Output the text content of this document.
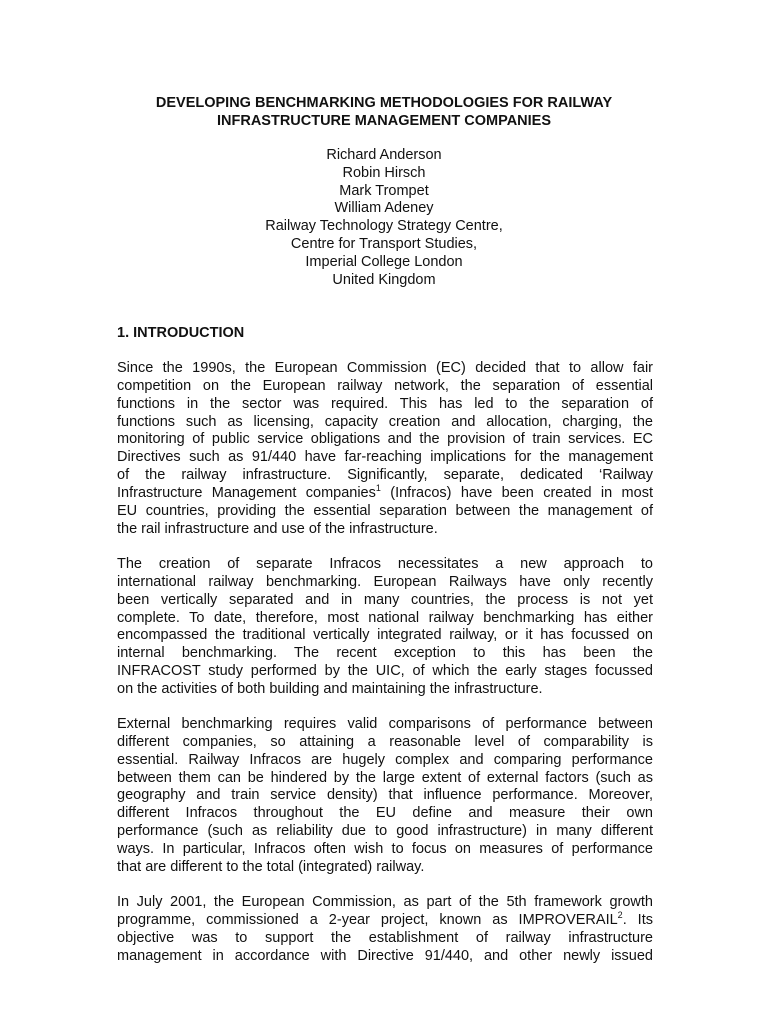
DEVELOPING BENCHMARKING METHODOLOGIES FOR RAILWAY
INFRASTRUCTURE MANAGEMENT COMPANIES
Richard Anderson
Robin Hirsch
Mark Trompet
William Adeney
Railway Technology Strategy Centre,
Centre for Transport Studies,
Imperial College London
United Kingdom
1. INTRODUCTION
Since the 1990s, the European Commission (EC) decided that to allow fair
competition on the European railway network, the separation of essential
functions in the sector was required. This has led to the separation of
functions such as licensing, capacity creation and allocation, charging, the
monitoring of public service obligations and the provision of train services. EC
Directives such as 91/440 have far-reaching implications for the management
of the railway infrastructure. Significantly, separate, dedicated ‘Railway
Infrastructure Management companies$^1$ (Infracos) have been created in most
EU countries, providing the essential separation between the management of
the rail infrastructure and use of the infrastructure.
The creation of separate Infracos necessitates a new approach to
international railway benchmarking. European Railways have only recently
been vertically separated and in many countries, the process is not yet
complete. To date, therefore, most national railway benchmarking has either
encompassed the traditional vertically integrated railway, or it has focussed on
internal benchmarking. The recent exception to this has been the
INFRACOST study performed by the UIC, of which the early stages focussed
on the activities of both building and maintaining the infrastructure.
External benchmarking requires valid comparisons of performance between
different companies, so attaining a reasonable level of comparability is
essential. Railway Infracos are hugely complex and comparing performance
between them can be hindered by the large extent of external factors (such as
geography and train service density) that influence performance. Moreover,
different Infracos throughout the EU define and measure their own
performance (such as reliability due to good infrastructure) in many different
ways. In particular, Infracos often wish to focus on measures of performance
that are different to the total (integrated) railway.
In July 2001, the European Commission, as part of the 5th framework growth
programme, commissioned a 2-year project, known as IMPROVERAIL$^2$. Its
objective was to support the establishment of railway infrastructure
management in accordance with Directive 91/440, and other newly issued
